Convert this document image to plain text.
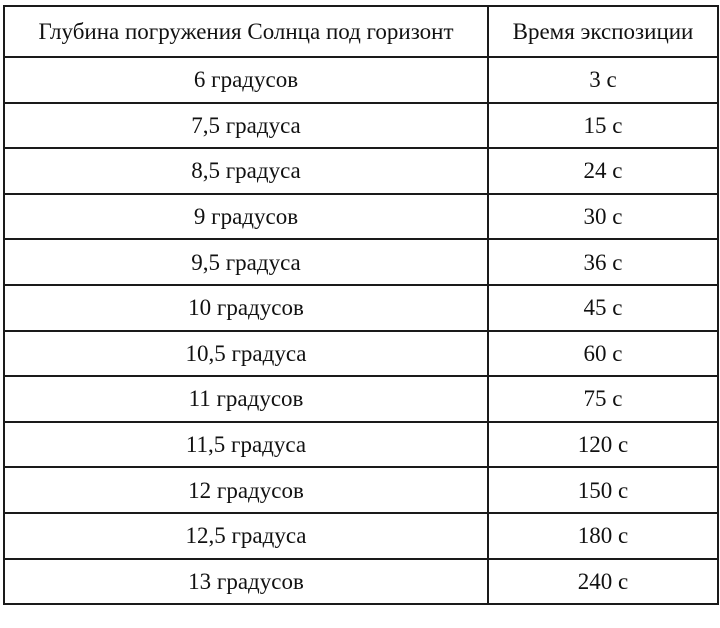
Глубина погружения Солнца под горизонт	Время экспозиции
6 градусов	3 с
7,5 градуса	15 с
8,5 градуса	24 с
9 градусов	30 с
9,5 градуса	36 с
10 градусов	45 с
10,5 градуса	60 с
11 градусов	75 с
11,5 градуса	120 с
12 градусов	150 с
12,5 градуса	180 с
13 градусов	240 с
